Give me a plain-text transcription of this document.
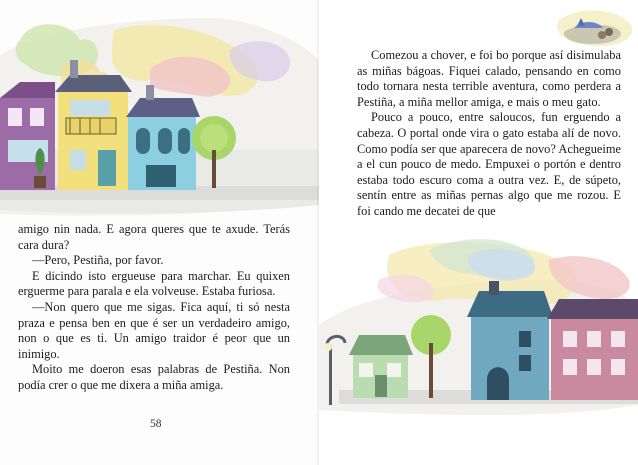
amigo nin nada. E agora queres que te axude. Terás cara dura?

—Pero, Pestiña, por favor.

E dicindo isto ergueuse para marchar. Eu quixen erguerme para parala e ela volveuse. Estaba furiosa.

—Non quero que me sigas. Fica aquí, ti só nesta praza e pensa ben en que é ser un verdadeiro amigo, non o que es ti. Un amigo traidor é peor que un inimigo.

Moito me doeron esas palabras de Pestiña. Non podía crer o que me dixera a miña amiga.

58

Comezou a chover, e foi bo porque así disimulaba as miñas bágoas. Fiquei calado, pensando en como todo tornara nesta terrible aventura, como perdera a Pestiña, a miña mellor amiga, e mais o meu gato.

Pouco a pouco, entre saloucos, fun erguendo a cabeza. O portal onde vira o gato estaba alí de novo. Como podía ser que aparecera de novo? Achegueime a el cun pouco de medo. Empuxei o portón e dentro estaba todo escuro coma a outra vez. E, de súpeto, sentín entre as miñas pernas algo que me rozou. E foi cando me decatei de que
